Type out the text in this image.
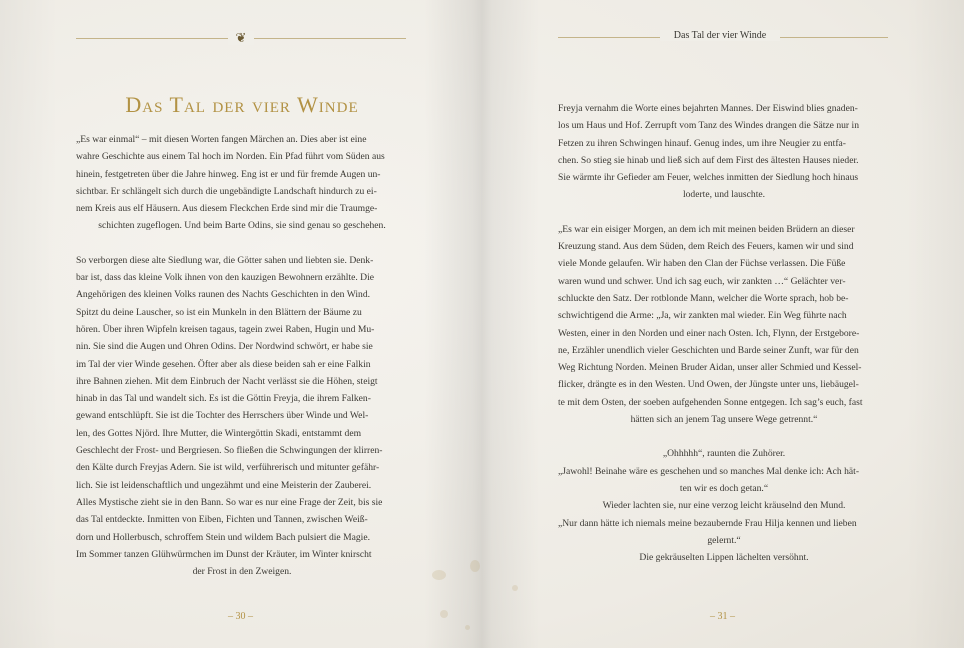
❦
Das Tal der vier Winde

„Es war einmal“ – mit diesen Worten fangen Märchen an. Dies aber ist eine

wahre Geschichte aus einem Tal hoch im Norden. Ein Pfad führt vom Süden aus

hinein, festgetreten über die Jahre hinweg. Eng ist er und für fremde Augen un-

sichtbar. Er schlängelt sich durch die ungebändigte Landschaft hindurch zu ei-

nem Kreis aus elf Häusern. Aus diesem Fleckchen Erde sind mir die Traumge-

schichten zugeflogen. Und beim Barte Odins, sie sind genau so geschehen.

So verborgen diese alte Siedlung war, die Götter sahen und liebten sie. Denk-

bar ist, dass das kleine Volk ihnen von den kauzigen Bewohnern erzählte. Die

Angehörigen des kleinen Volks raunen des Nachts Geschichten in den Wind.

Spitzt du deine Lauscher, so ist ein Munkeln in den Blättern der Bäume zu

hören. Über ihren Wipfeln kreisen tagaus, tagein zwei Raben, Hugin und Mu-

nin. Sie sind die Augen und Ohren Odins. Der Nordwind schwört, er habe sie

im Tal der vier Winde gesehen. Öfter aber als diese beiden sah er eine Falkin

ihre Bahnen ziehen. Mit dem Einbruch der Nacht verlässt sie die Höhen, steigt

hinab in das Tal und wandelt sich. Es ist die Göttin Freyja, die ihrem Falken-

gewand entschlüpft. Sie ist die Tochter des Herrschers über Winde und Wel-

len, des Gottes Njörd. Ihre Mutter, die Wintergöttin Skadi, entstammt dem

Geschlecht der Frost- und Bergriesen. So fließen die Schwingungen der klirren-

den Kälte durch Freyjas Adern. Sie ist wild, verführerisch und mitunter gefähr-

lich. Sie ist leidenschaftlich und ungezähmt und eine Meisterin der Zauberei.

Alles Mystische zieht sie in den Bann. So war es nur eine Frage der Zeit, bis sie

das Tal entdeckte. Inmitten von Eiben, Fichten und Tannen, zwischen Weiß-

dorn und Hollerbusch, schroffem Stein und wildem Bach pulsiert die Magie.

Im Sommer tanzen Glühwürmchen im Dunst der Kräuter, im Winter knirscht

der Frost in den Zweigen.

– 30 –

Freyja vernahm die Worte eines bejahrten Mannes. Der Eiswind blies gnaden-

los um Haus und Hof. Zerrupft vom Tanz des Windes drangen die Sätze nur in

Fetzen zu ihren Schwingen hinauf. Genug indes, um ihre Neugier zu entfa-

chen. So stieg sie hinab und ließ sich auf dem First des ältesten Hauses nieder.

Sie wärmte ihr Gefieder am Feuer, welches inmitten der Siedlung hoch hinaus

loderte, und lauschte.

„Es war ein eisiger Morgen, an dem ich mit meinen beiden Brüdern an dieser

Kreuzung stand. Aus dem Süden, dem Reich des Feuers, kamen wir und sind

viele Monde gelaufen. Wir haben den Clan der Füchse verlassen. Die Füße

waren wund und schwer. Und ich sag euch, wir zankten …“ Gelächter ver-

schluckte den Satz. Der rotblonde Mann, welcher die Worte sprach, hob be-

schwichtigend die Arme: „Ja, wir zankten mal wieder. Ein Weg führte nach

Westen, einer in den Norden und einer nach Osten. Ich, Flynn, der Erstgebore-

ne, Erzähler unendlich vieler Geschichten und Barde seiner Zunft, war für den

Weg Richtung Norden. Meinen Bruder Aidan, unser aller Schmied und Kessel-

flicker, drängte es in den Westen. Und Owen, der Jüngste unter uns, liebäugel-

te mit dem Osten, der soeben aufgehenden Sonne entgegen. Ich sag’s euch, fast

hätten sich an jenem Tag unsere Wege getrennt.“

„Ohhhhh“, raunten die Zuhörer.

„Jawohl! Beinahe wäre es geschehen und so manches Mal denke ich: Ach hät-

ten wir es doch getan.“

Wieder lachten sie, nur eine verzog leicht kräuselnd den Mund.

„Nur dann hätte ich niemals meine bezaubernde Frau Hilja kennen und lieben

gelernt.“

Die gekräuselten Lippen lächelten versöhnt.

– 31 –
Das Tal der vier Winde
